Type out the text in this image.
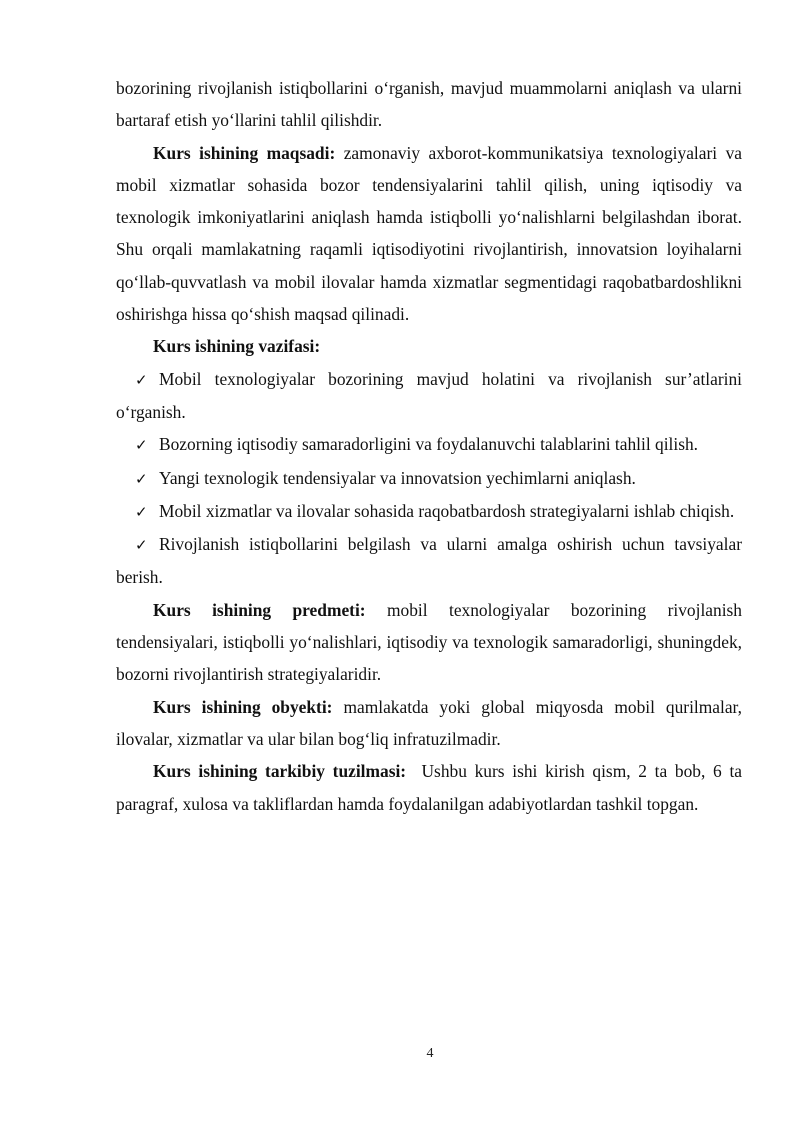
bozorining rivojlanish istiqbollarini o‘rganish, mavjud muammolarni aniqlash va ularni bartaraf etish yo‘llarini tahlil qilishdir.

Kurs ishining maqsadi: zamonaviy axborot-kommunikatsiya texnologiyalari va mobil xizmatlar sohasida bozor tendensiyalarini tahlil qilish, uning iqtisodiy va texnologik imkoniyatlarini aniqlash hamda istiqbolli yo‘nalishlarni belgilashdan iborat. Shu orqali mamlakatning raqamli iqtisodiyotini rivojlantirish, innovatsion loyihalarni qo‘llab-quvvatlash va mobil ilovalar hamda xizmatlar segmentidagi raqobatbardoshlikni oshirishga hissa qo‘shish maqsad qilinadi.

Kurs ishining vazifasi:

✓ Mobil texnologiyalar bozorining mavjud holatini va rivojlanish sur’atlarini o‘rganish.

✓ Bozorning iqtisodiy samaradorligini va foydalanuvchi talablarini tahlil qilish.

✓ Yangi texnologik tendensiyalar va innovatsion yechimlarni aniqlash.

✓ Mobil xizmatlar va ilovalar sohasida raqobatbardosh strategiyalarni ishlab chiqish.

✓ Rivojlanish istiqbollarini belgilash va ularni amalga oshirish uchun tavsiyalar berish.

Kurs ishining predmeti: mobil texnologiyalar bozorining rivojlanish tendensiyalari, istiqbolli yo‘nalishlari, iqtisodiy va texnologik samaradorligi, shuningdek, bozorni rivojlantirish strategiyalaridir.

Kurs ishining obyekti: mamlakatda yoki global miqyosda mobil qurilmalar, ilovalar, xizmatlar va ular bilan bog‘liq infratuzilmadir.

Kurs ishining tarkibiy tuzilmasi:  Ushbu kurs ishi kirish qism, 2 ta bob, 6 ta paragraf, xulosa va takliflardan hamda foydalanilgan adabiyotlardan tashkil topgan.

4
